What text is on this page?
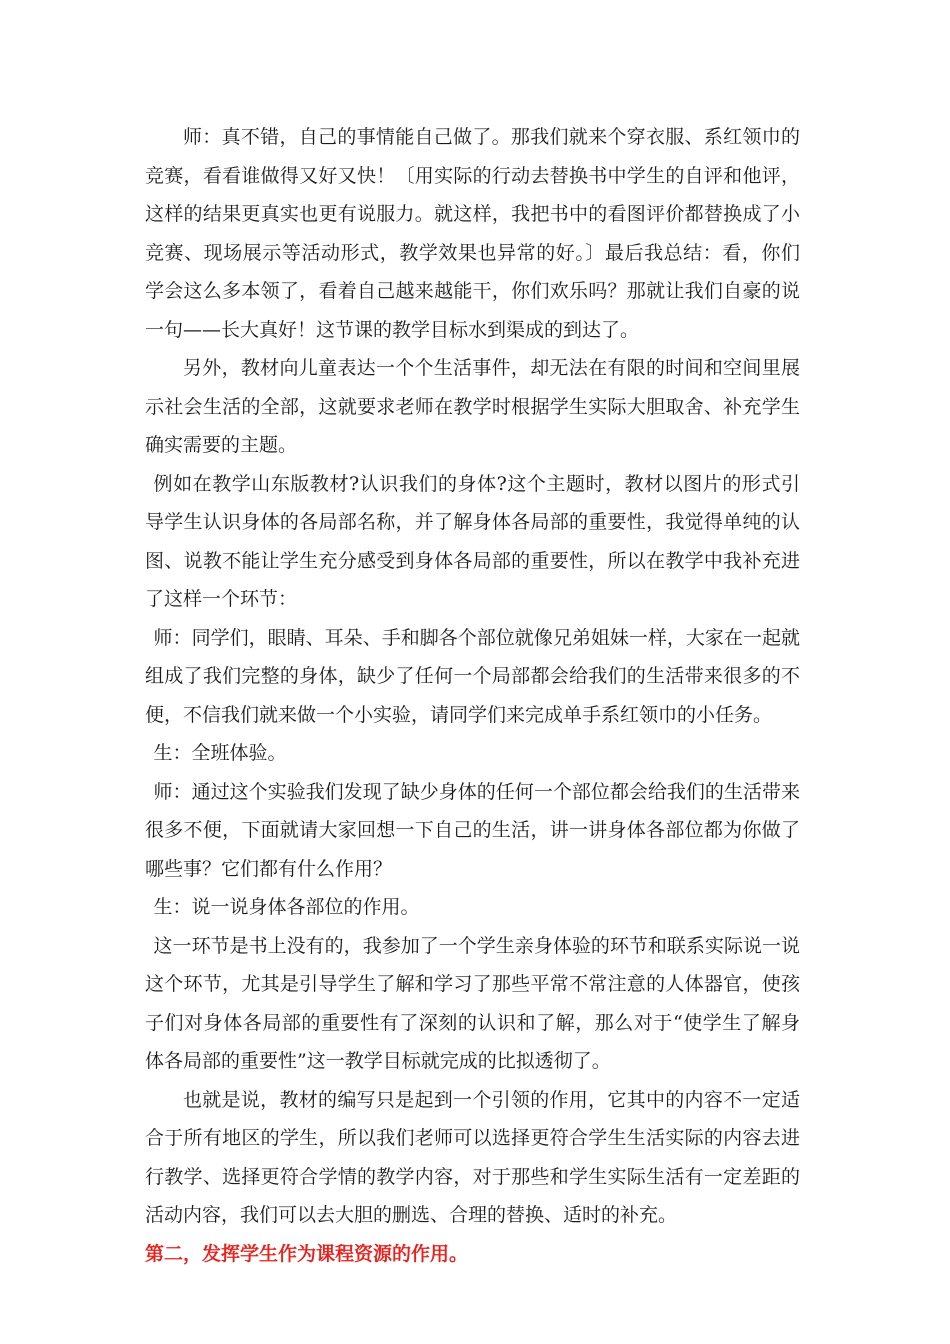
师：真不错，自己的事情能自己做了。那我们就来个穿衣服、系红领巾的竞赛，看看谁做得又好又快！〔用实际的行动去替换书中学生的自评和他评，这样的结果更真实也更有说服力。就这样，我把书中的看图评价都替换成了小竞赛、现场展示等活动形式，教学效果也异常的好。〕最后我总结：看，你们学会这么多本领了，看着自己越来越能干，你们欢乐吗？那就让我们自豪的说一句——长大真好！这节课的教学目标水到渠成的到达了。

另外，教材向儿童表达一个个生活事件，却无法在有限的时间和空间里展示社会生活的全部，这就要求老师在教学时根据学生实际大胆取舍、补充学生确实需要的主题。

例如在教学山东版教材?认识我们的身体?这个主题时，教材以图片的形式引导学生认识身体的各局部名称，并了解身体各局部的重要性，我觉得单纯的认图、说教不能让学生充分感受到身体各局部的重要性，所以在教学中我补充进了这样一个环节：

师：同学们，眼睛、耳朵、手和脚各个部位就像兄弟姐妹一样，大家在一起就组成了我们完整的身体，缺少了任何一个局部都会给我们的生活带来很多的不便，不信我们就来做一个小实验，请同学们来完成单手系红领巾的小任务。

生：全班体验。

师：通过这个实验我们发现了缺少身体的任何一个部位都会给我们的生活带来很多不便，下面就请大家回想一下自己的生活，讲一讲身体各部位都为你做了哪些事？它们都有什么作用？

生：说一说身体各部位的作用。

这一环节是书上没有的，我参加了一个学生亲身体验的环节和联系实际说一说这个环节，尤其是引导学生了解和学习了那些平常不常注意的人体器官，使孩子们对身体各局部的重要性有了深刻的认识和了解，那么对于“使学生了解身体各局部的重要性”这一教学目标就完成的比拟透彻了。

也就是说，教材的编写只是起到一个引领的作用，它其中的内容不一定适合于所有地区的学生，所以我们老师可以选择更符合学生生活实际的内容去进行教学、选择更符合学情的教学内容，对于那些和学生实际生活有一定差距的活动内容，我们可以去大胆的删选、合理的替换、适时的补充。

第二，发挥学生作为课程资源的作用。
